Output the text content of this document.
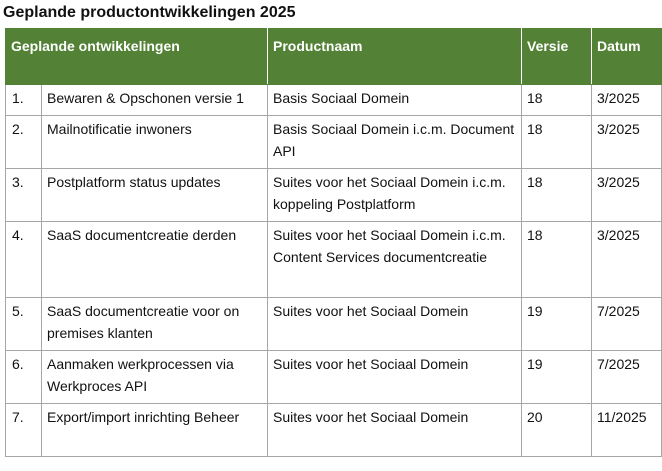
Geplande productontwikkelingen 2025
Geplande ontwikkelingen		Productnaam	Versie	Datum
1.	Bewaren & Opschonen versie 1	Basis Sociaal Domein	18	3/2025
2.	Mailnotificatie inwoners	Basis Sociaal Domein i.c.m. Document API	18	3/2025
3.	Postplatform status updates	Suites voor het Sociaal Domein i.c.m. koppeling Postplatform	18	3/2025
4.	SaaS documentcreatie derden	Suites voor het Sociaal Domein i.c.m. Content Services documentcreatie	18	3/2025
5.	SaaS documentcreatie voor on premises klanten	Suites voor het Sociaal Domein	19	7/2025
6.	Aanmaken werkprocessen via Werkproces API	Suites voor het Sociaal Domein	19	7/2025
7.	Export/import inrichting Beheer	Suites voor het Sociaal Domein	20	11/2025
